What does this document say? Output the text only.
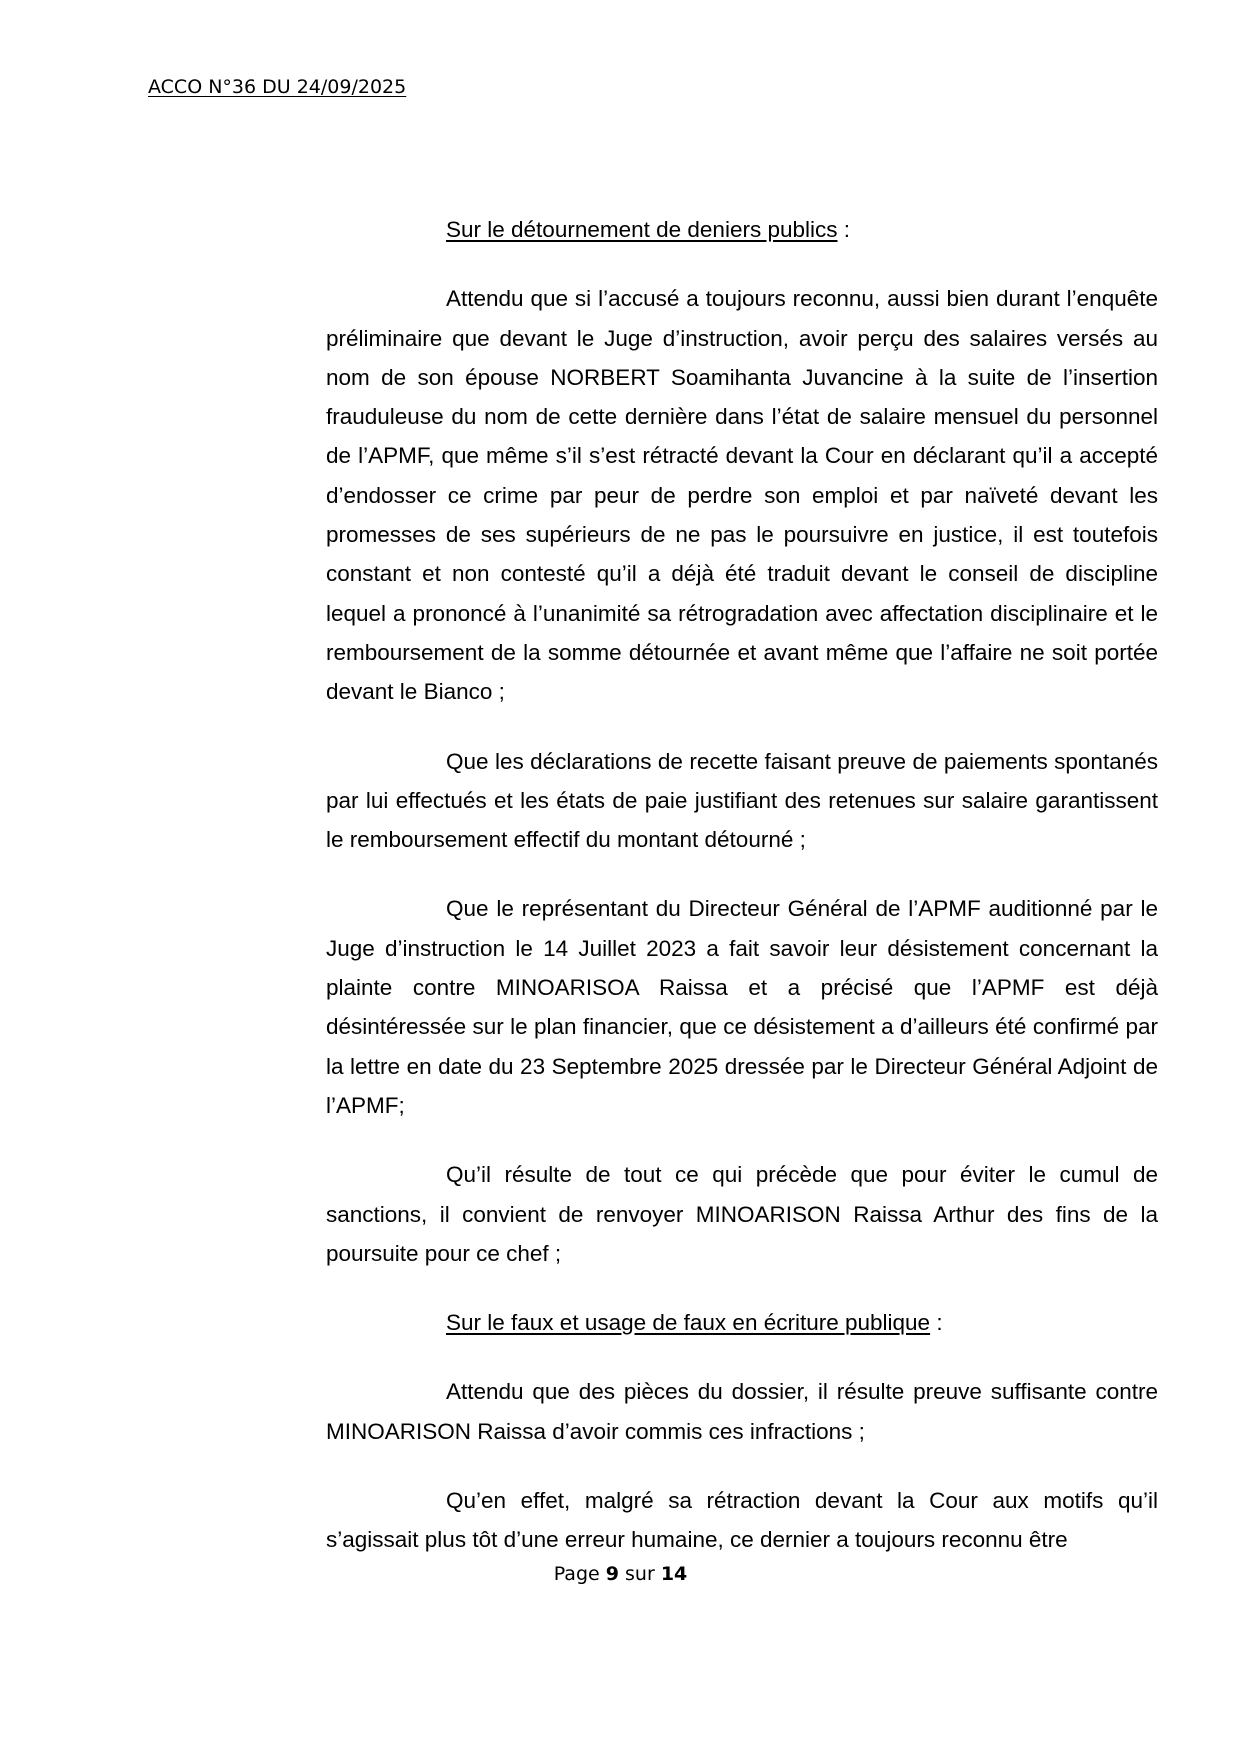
ACCO N°36 DU 24/09/2025

Sur le détournement de deniers publics :

Attendu que si l’accusé a toujours reconnu, aussi bien durant l’enquête préliminaire que devant le Juge d’instruction, avoir perçu des salaires versés au nom de son épouse NORBERT Soamihanta Juvancine à la suite de l’insertion frauduleuse du nom de cette dernière dans l’état de salaire mensuel du personnel de l’APMF, que même s’il s’est rétracté devant la Cour en déclarant qu’il a accepté d’endosser ce crime par peur de perdre son emploi et par naïveté devant les promesses de ses supérieurs de ne pas le poursuivre en justice, il est toutefois constant et non contesté qu’il a déjà été traduit devant le conseil de discipline lequel a prononcé à l’unanimité sa rétrogradation avec affectation disciplinaire et le remboursement de la somme détournée et avant même que l’affaire ne soit portée devant le Bianco ;

Que les déclarations de recette faisant preuve de paiements spontanés par lui effectués et les états de paie justifiant des retenues sur salaire garantissent le remboursement effectif du montant détourné ;

Que le représentant du Directeur Général de l’APMF auditionné par le Juge d’instruction le 14 Juillet 2023 a fait savoir leur désistement concernant la plainte contre MINOARISOA Raissa et a précisé que l’APMF est déjà désintéressée sur le plan financier, que ce désistement a d’ailleurs été confirmé par la lettre en date du 23 Septembre 2025 dressée par le Directeur Général Adjoint de l’APMF;

Qu’il résulte de tout ce qui précède que pour éviter le cumul de sanctions, il convient de renvoyer MINOARISON Raissa Arthur des fins de la poursuite pour ce chef ;

Sur le faux et usage de faux en écriture publique :

Attendu que des pièces du dossier, il résulte preuve suffisante contre MINOARISON Raissa d’avoir commis ces infractions ;

Qu’en effet, malgré sa rétraction devant la Cour aux motifs qu’il s’agissait plus tôt d’une erreur humaine, ce dernier a toujours reconnu être

Page 9 sur 14
